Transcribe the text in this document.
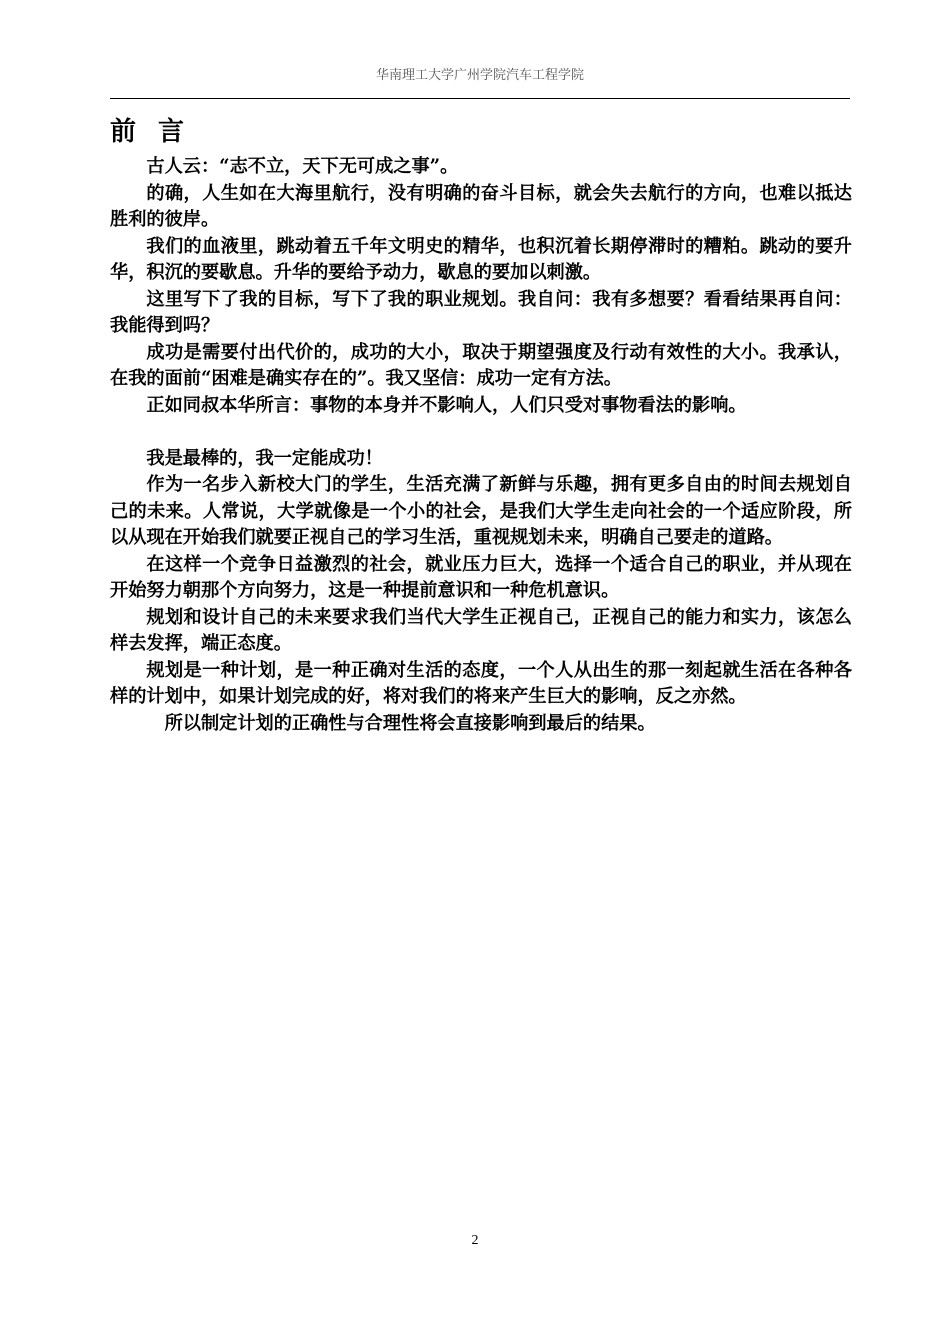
华南理工大学广州学院汽车工程学院
前言

古人云：“志不立，天下无可成之事”。

的确，人生如在大海里航行，没有明确的奋斗目标，就会失去航行的方向，也难以抵达胜利的彼岸。

我们的血液里，跳动着五千年文明史的精华，也积沉着长期停滞时的糟粕。跳动的要升华，积沉的要歇息。升华的要给予动力，歇息的要加以刺激。

这里写下了我的目标，写下了我的职业规划。我自问：我有多想要？看看结果再自问：我能得到吗？

成功是需要付出代价的，成功的大小，取决于期望强度及行动有效性的大小。我承认，在我的面前“困难是确实存在的”。我又坚信：成功一定有方法。

正如同叔本华所言：事物的本身并不影响人，人们只受对事物看法的影响。

我是最棒的，我一定能成功！

作为一名步入新校大门的学生，生活充满了新鲜与乐趣，拥有更多自由的时间去规划自己的未来。人常说，大学就像是一个小的社会，是我们大学生走向社会的一个适应阶段，所以从现在开始我们就要正视自己的学习生活，重视规划未来，明确自己要走的道路。

在这样一个竞争日益激烈的社会，就业压力巨大，选择一个适合自己的职业，并从现在开始努力朝那个方向努力，这是一种提前意识和一种危机意识。

规划和设计自己的未来要求我们当代大学生正视自己，正视自己的能力和实力，该怎么样去发挥，端正态度。

规划是一种计划，是一种正确对生活的态度，一个人从出生的那一刻起就生活在各种各样的计划中，如果计划完成的好，将对我们的将来产生巨大的影响，反之亦然。

所以制定计划的正确性与合理性将会直接影响到最后的结果。

2
